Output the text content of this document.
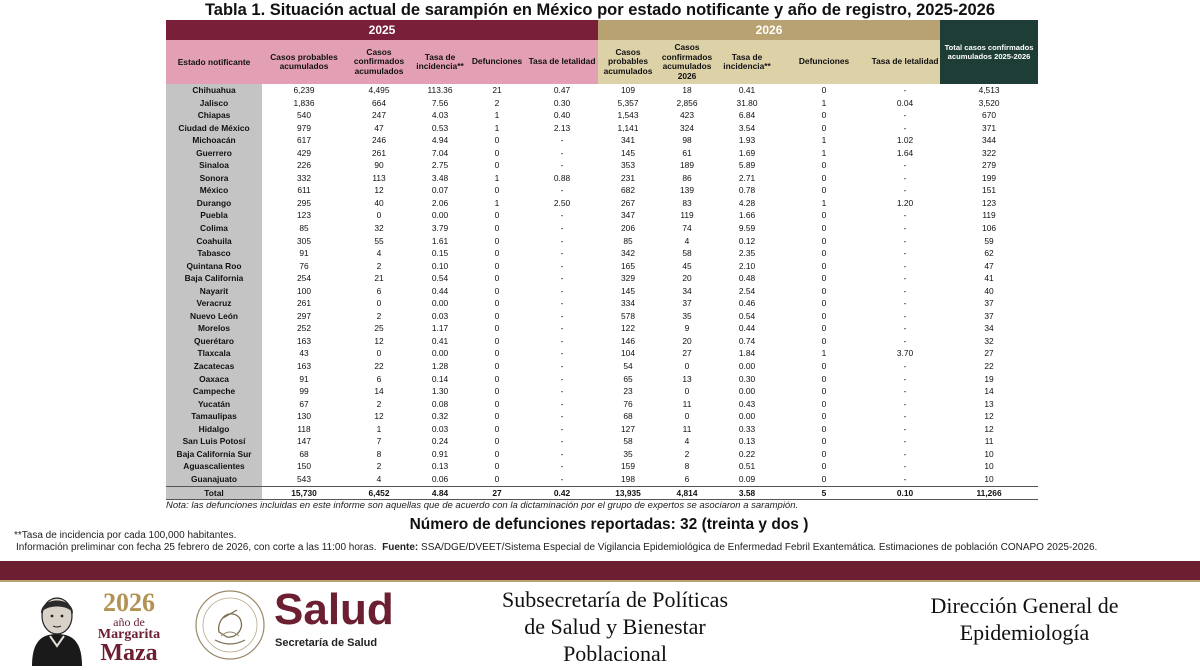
Tabla 1. Situación actual de sarampión en México por estado notificante y año de registro, 2025-2026
2025						2026					Total casos confirmados acumulados 2025-2026
Estado notificante	Casos probables acumulados	Casos confirmados acumulados	Tasa de incidencia**	Defunciones	Tasa de letalidad	Casos probables acumulados	Casos confirmados acumulados 2026	Tasa de incidencia**	Defunciones	Tasa de letalidad	
Chihuahua	6,239	4,495	113.36	21	0.47	109	18	0.41	0	-	4,513
Jalisco	1,836	664	7.56	2	0.30	5,357	2,856	31.80	1	0.04	3,520
Chiapas	540	247	4.03	1	0.40	1,543	423	6.84	0	-	670
Ciudad de México	979	47	0.53	1	2.13	1,141	324	3.54	0	-	371
Michoacán	617	246	4.94	0	-	341	98	1.93	1	1.02	344
Guerrero	429	261	7.04	0	-	145	61	1.69	1	1.64	322
Sinaloa	226	90	2.75	0	-	353	189	5.89	0	-	279
Sonora	332	113	3.48	1	0.88	231	86	2.71	0	-	199
México	611	12	0.07	0	-	682	139	0.78	0	-	151
Durango	295	40	2.06	1	2.50	267	83	4.28	1	1.20	123
Puebla	123	0	0.00	0	-	347	119	1.66	0	-	119
Colima	85	32	3.79	0	-	206	74	9.59	0	-	106
Coahuila	305	55	1.61	0	-	85	4	0.12	0	-	59
Tabasco	91	4	0.15	0	-	342	58	2.35	0	-	62
Quintana Roo	76	2	0.10	0	-	165	45	2.10	0	-	47
Baja California	254	21	0.54	0	-	329	20	0.48	0	-	41
Nayarit	100	6	0.44	0	-	145	34	2.54	0	-	40
Veracruz	261	0	0.00	0	-	334	37	0.46	0	-	37
Nuevo León	297	2	0.03	0	-	578	35	0.54	0	-	37
Morelos	252	25	1.17	0	-	122	9	0.44	0	-	34
Querétaro	163	12	0.41	0	-	146	20	0.74	0	-	32
Tlaxcala	43	0	0.00	0	-	104	27	1.84	1	3.70	27
Zacatecas	163	22	1.28	0	-	54	0	0.00	0	-	22
Oaxaca	91	6	0.14	0	-	65	13	0.30	0	-	19
Campeche	99	14	1.30	0	-	23	0	0.00	0	-	14
Yucatán	67	2	0.08	0	-	76	11	0.43	0	-	13
Tamaulipas	130	12	0.32	0	-	68	0	0.00	0	-	12
Hidalgo	118	1	0.03	0	-	127	11	0.33	0	-	12
San Luis Potosí	147	7	0.24	0	-	58	4	0.13	0	-	11
Baja California Sur	68	8	0.91	0	-	35	2	0.22	0	-	10
Aguascalientes	150	2	0.13	0	-	159	8	0.51	0	-	10
Guanajuato	543	4	0.06	0	-	198	6	0.09	0	-	10
Total	15,730	6,452	4.84	27	0.42	13,935	4,814	3.58	5	0.10	11,266
Nota: las defunciones incluidas en este informe son aquellas que de acuerdo con la dictaminación por el grupo de expertos se asociaron a sarampión.
Número de defunciones reportadas: 32 (treinta y dos )
**Tasa de incidencia por cada 100,000 habitantes.
Información preliminar con fecha 25 febrero de 2026, con corte a las 11:00 horas. Fuente: SSA/DGE/DVEET/Sistema Especial de Vigilancia Epidemiológica de Enfermedad Febril Exantemática. Estimaciones de población CONAPO 2025-2026.
2026
año de
Margarita
Maza
Salud
Secretaría de Salud
Subsecretaría de Políticas
de Salud y Bienestar
Poblacional
Dirección General de
Epidemiología
